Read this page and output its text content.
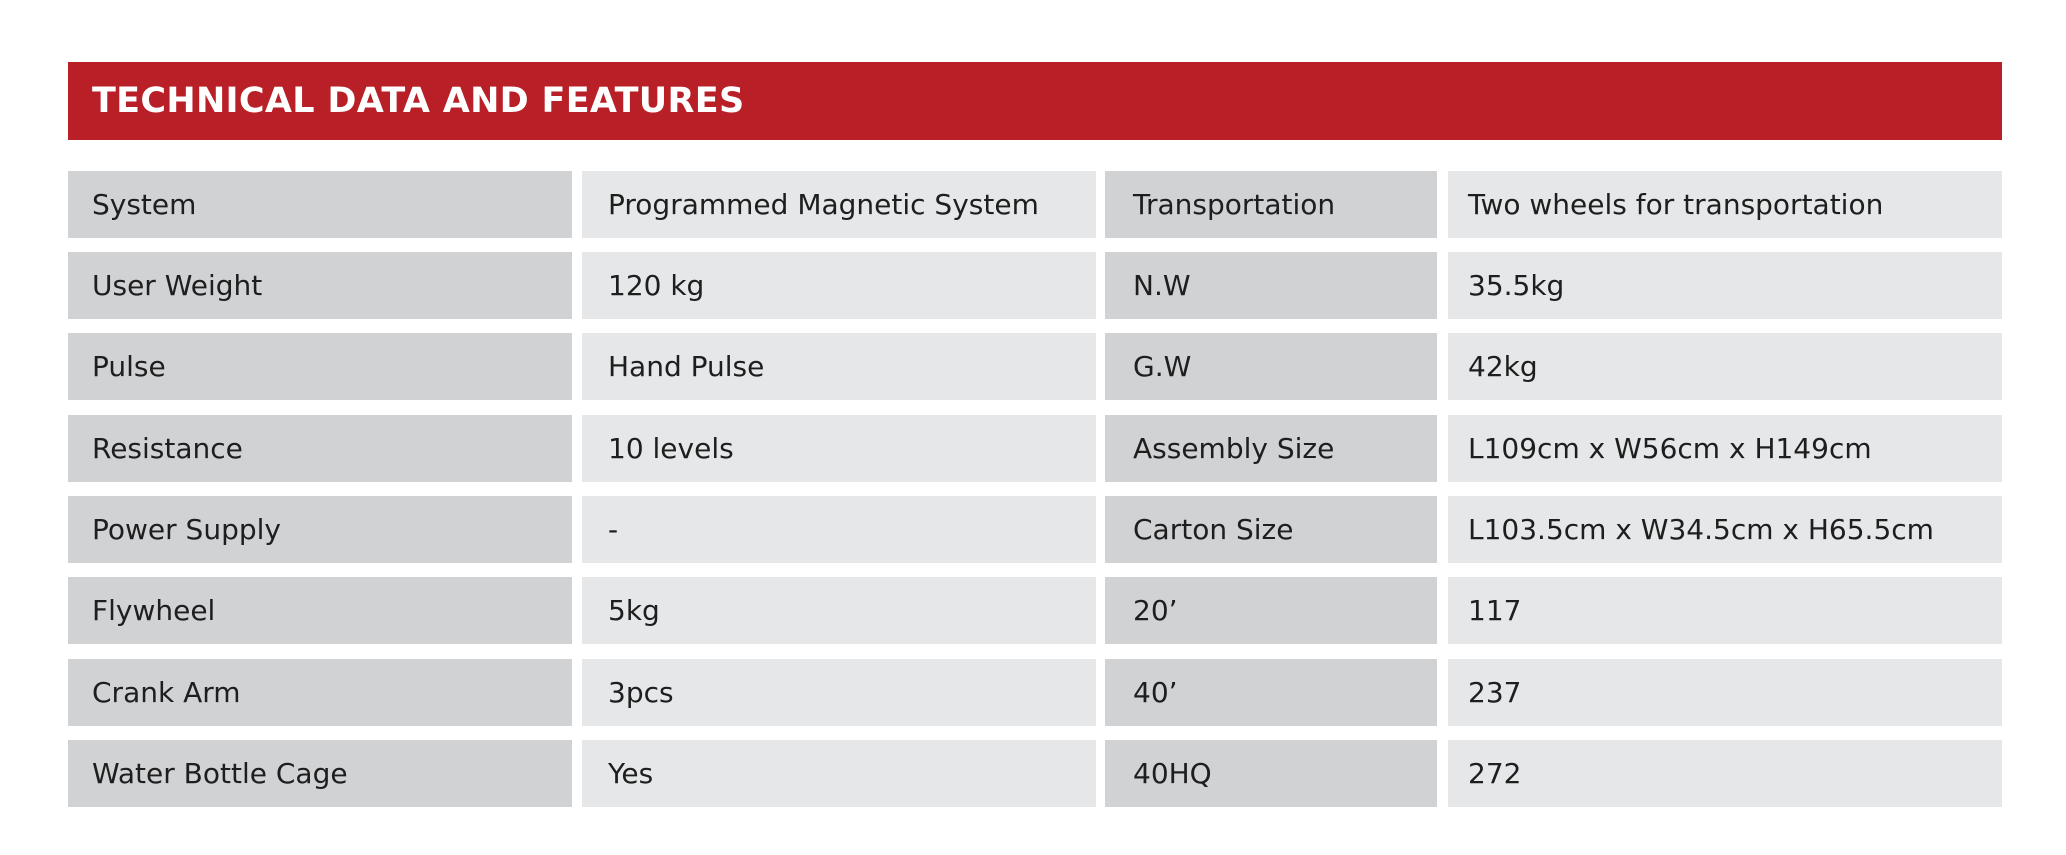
TECHNICAL DATA AND FEATURES
System	Programmed Magnetic System	Transportation	Two wheels for transportation
User Weight	120 kg	N.W	35.5kg
Pulse	Hand Pulse	G.W	42kg
Resistance	10 levels	Assembly Size	L109cm x W56cm x H149cm
Power Supply	-	Carton Size	L103.5cm x W34.5cm x H65.5cm
Flywheel	5kg	20’	117
Crank Arm	3pcs	40’	237
Water Bottle Cage	Yes	40HQ	272
